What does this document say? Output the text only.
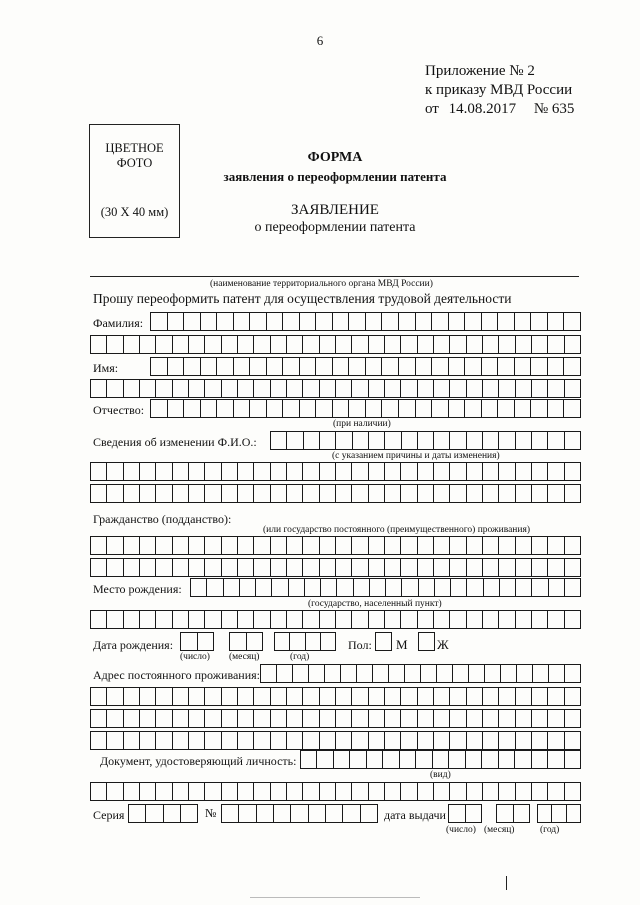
6
Приложение № 2
к приказу МВД России
от 14.08.2017 № 635
ЦВЕТНОЕ
ФОТО
(30 Х 40 мм)
ФОРМА
заявления о переоформлении патента
ЗАЯВЛЕНИЕ
о переоформлении патента
(наименование территориального органа МВД России)
Прошу переоформить патент для осуществления трудовой деятельности
Фамилия:
Имя:
Отчество:
(при наличии)
Сведения об изменении Ф.И.О.:
(с указанием причины и даты изменения)
Гражданство (подданство):
(или государство постоянного (преимущественного) проживания)
Место рождения:
(государство, населенный пункт)
Дата рождения:
(число) (месяц)	(год)
Пол: М Ж
Адрес постоянного проживания:
Документ, удостоверяющий личность:
(вид)
Серия	№	дата выдачи
(число) (месяц)	(год)
